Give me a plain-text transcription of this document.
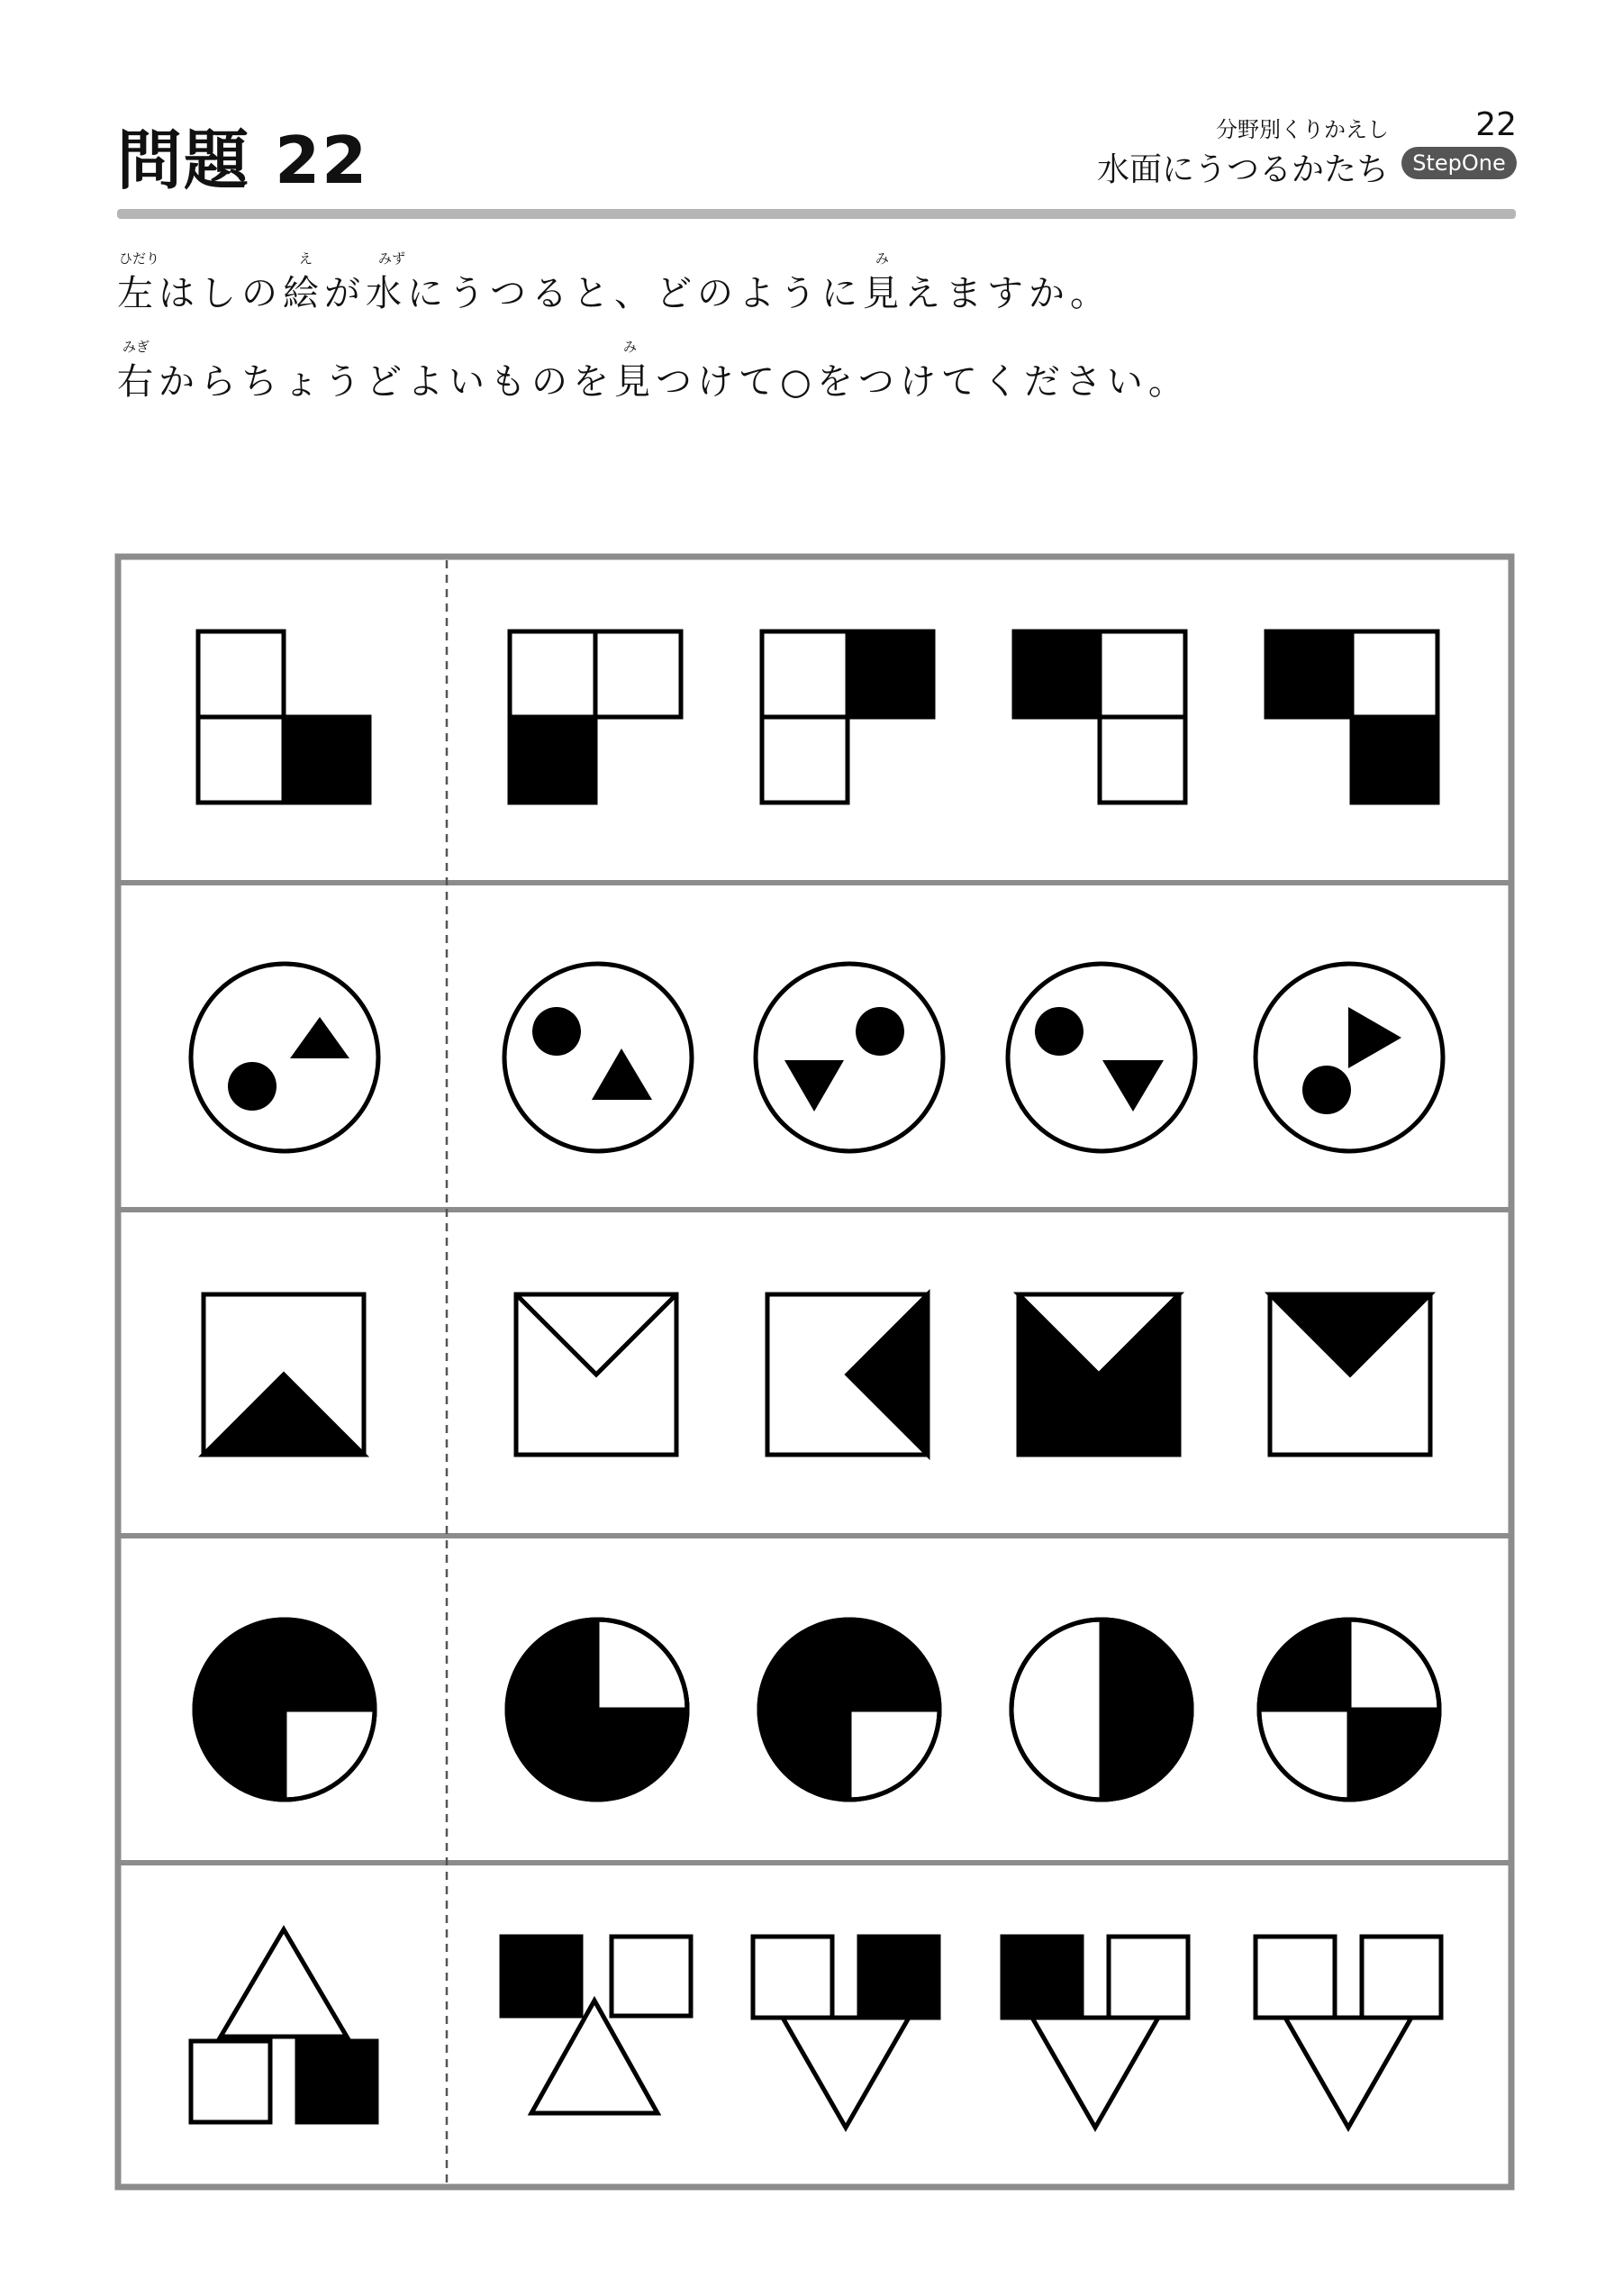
問題 22	分野別くりかえし	22
水面にうつるかたち	StepOne
ひだり	え	みず	み
左はしの絵が水にうつると、どのように見えますか。
みぎ	み
右からちょうどよいものを見つけて○をつけてください。
